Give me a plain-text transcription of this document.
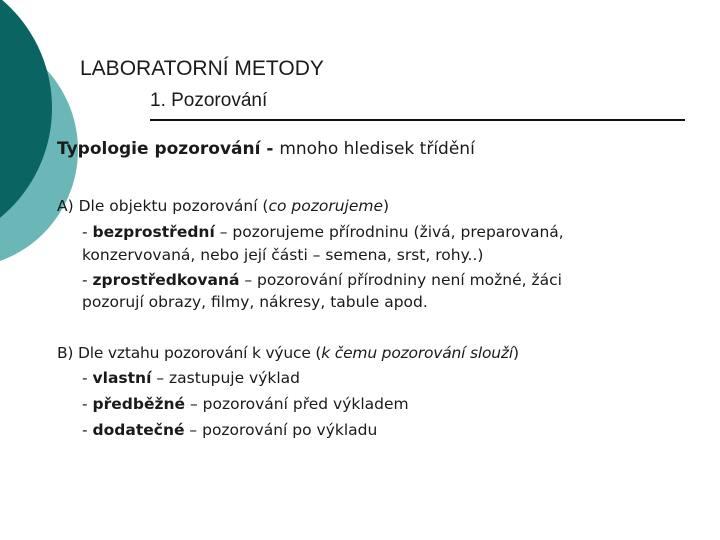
LABORATORNÍ METODY
1. Pozorování
Typologie pozorování - mnoho hledisek třídění
A) Dle objektu pozorování (co pozorujeme)
- bezprostřední – pozorujeme přírodninu (živá, preparovaná,
konzervovaná, nebo její části – semena, srst, rohy..)
- zprostředkovaná – pozorování přírodniny není možné, žáci
pozorují obrazy, filmy, nákresy, tabule apod.
B) Dle vztahu pozorování k výuce (k čemu pozorování slouží)
- vlastní – zastupuje výklad
- předběžné – pozorování před výkladem
- dodatečné – pozorování po výkladu
